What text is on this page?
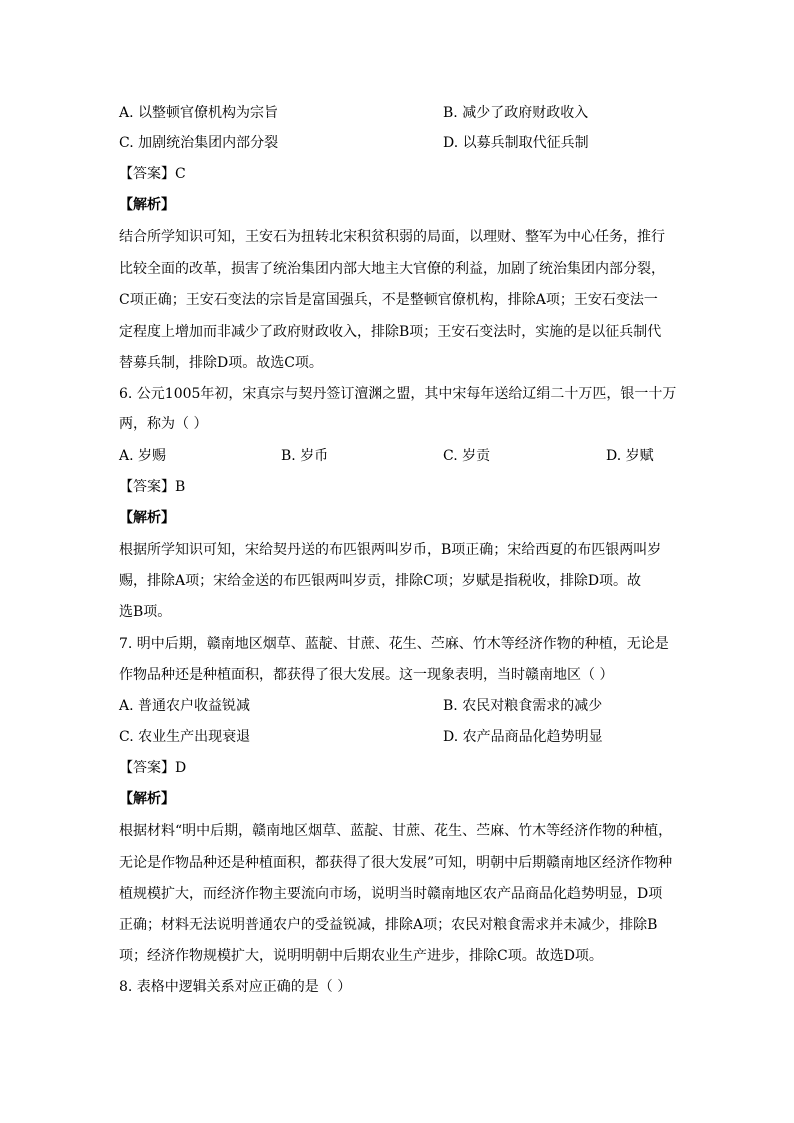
A. 以整顿官僚机构为宗旨	B. 减少了政府财政收入
C. 加剧统治集团内部分裂	D. 以募兵制取代征兵制
【答案】C
【解析】
结合所学知识可知，王安石为扭转北宋积贫积弱的局面，以理财、整军为中心任务，推行
比较全面的改革，损害了统治集团内部大地主大官僚的利益，加剧了统治集团内部分裂，
C项正确；王安石变法的宗旨是富国强兵，不是整顿官僚机构，排除A项；王安石变法一
定程度上增加而非减少了政府财政收入，排除B项；王安石变法时，实施的是以征兵制代
替募兵制，排除D项。故选C项。
6. 公元1005年初，宋真宗与契丹签订澶渊之盟，其中宋每年送给辽绢二十万匹，银一十万
两，称为（ ）
A. 岁赐	B. 岁币	C. 岁贡	D. 岁赋
【答案】B
【解析】
根据所学知识可知，宋给契丹送的布匹银两叫岁币，B项正确；宋给西夏的布匹银两叫岁
赐，排除A项；宋给金送的布匹银两叫岁贡，排除C项；岁赋是指税收，排除D项。故
选B项。
7. 明中后期，赣南地区烟草、蓝靛、甘蔗、花生、苎麻、竹木等经济作物的种植，无论是
作物品种还是种植面积，都获得了很大发展。这一现象表明，当时赣南地区（ ）
A. 普通农户收益锐减	B. 农民对粮食需求的减少
C. 农业生产出现衰退	D. 农产品商品化趋势明显
【答案】D
【解析】
根据材料“明中后期，赣南地区烟草、蓝靛、甘蔗、花生、苎麻、竹木等经济作物的种植，
无论是作物品种还是种植面积，都获得了很大发展”可知，明朝中后期赣南地区经济作物种
植规模扩大，而经济作物主要流向市场，说明当时赣南地区农产品商品化趋势明显，D项
正确；材料无法说明普通农户的受益锐减，排除A项；农民对粮食需求并未减少，排除B
项；经济作物规模扩大，说明明朝中后期农业生产进步，排除C项。故选D项。
8. 表格中逻辑关系对应正确的是（ ）
